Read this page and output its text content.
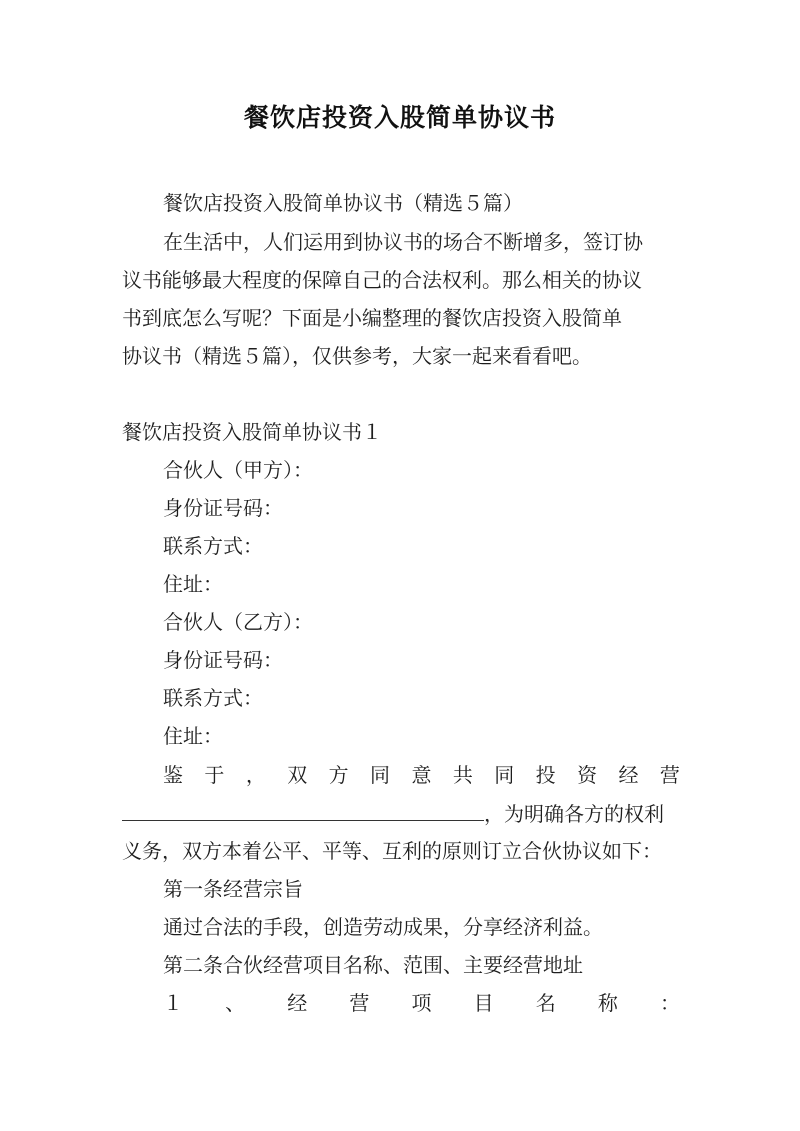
餐饮店投资入股简单协议书
餐饮店投资入股简单协议书（精选５篇）
在生活中，人们运用到协议书的场合不断增多，签订协
议书能够最大程度的保障自己的合法权利。那么相关的协议
书到底怎么写呢？下面是小编整理的餐饮店投资入股简单
协议书（精选５篇），仅供参考，大家一起来看看吧。
餐饮店投资入股简单协议书１
合伙人（甲方）：
身份证号码：
联系方式：
住址：
合伙人（乙方）：
身份证号码：
联系方式：
住址：
鉴 于 ， 双 方 同 意 共 同 投 资 经 营
，为明确各方的权利
义务，双方本着公平、平等、互利的原则订立合伙协议如下：
第一条经营宗旨
通过合法的手段，创造劳动成果，分享经济利益。
第二条合伙经营项目名称、范围、主要经营地址
１ 、 经 营 项 目 名 称 ：
